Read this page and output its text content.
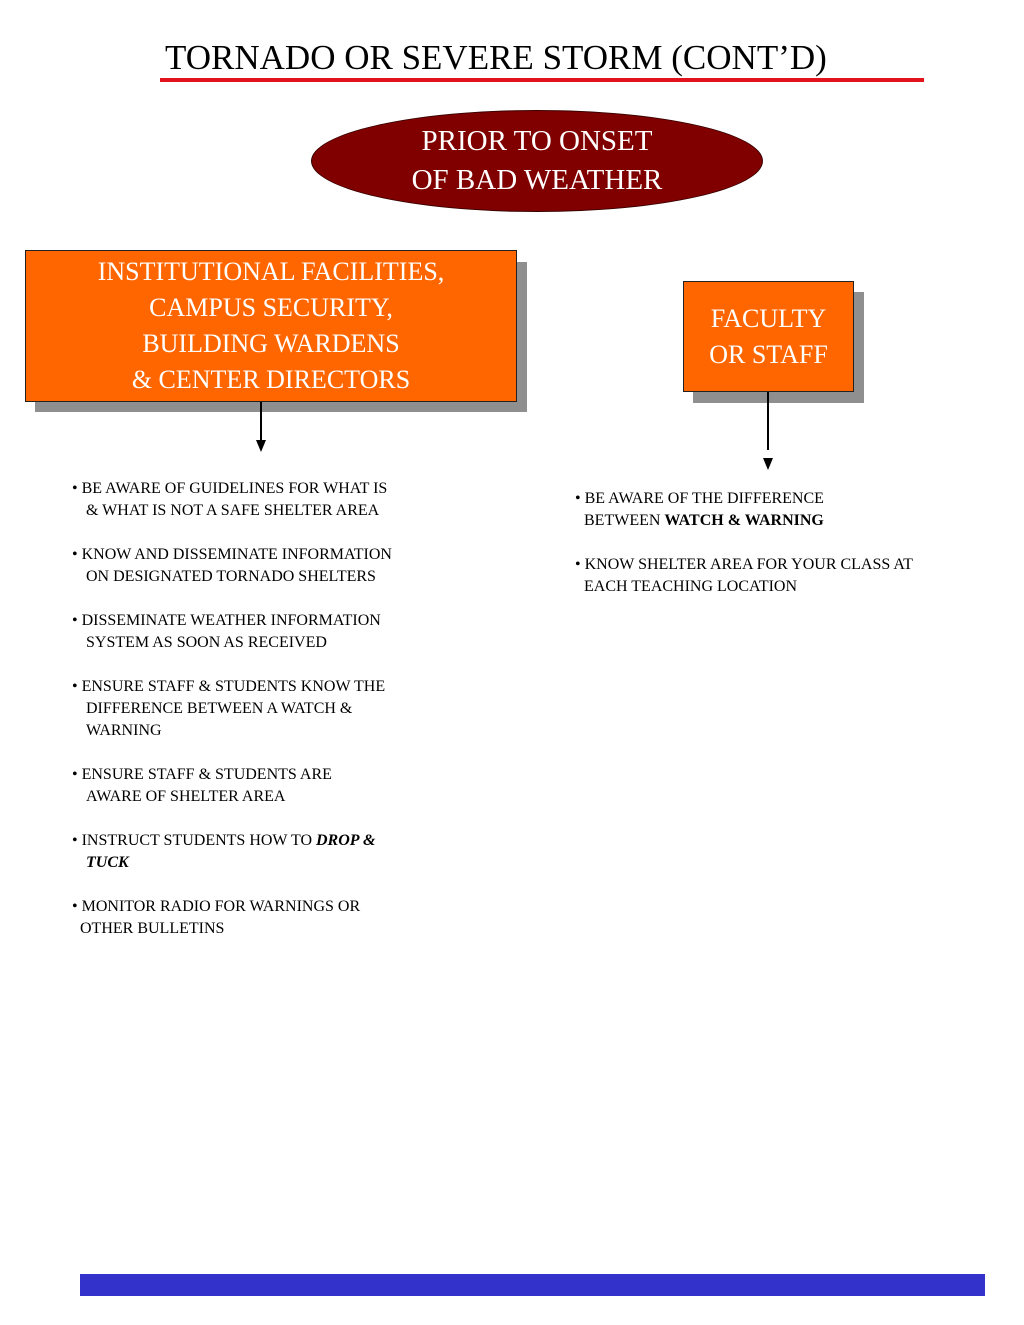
TORNADO OR SEVERE STORM (CONT’D)
PRIOR TO ONSET
OF BAD WEATHER
INSTITUTIONAL FACILITIES,
CAMPUS SECURITY,
BUILDING WARDENS
& CENTER DIRECTORS
FACULTY
OR STAFF
• BE AWARE OF GUIDELINES FOR WHAT IS
& WHAT IS NOT A SAFE SHELTER AREA
• KNOW AND DISSEMINATE INFORMATION
ON DESIGNATED TORNADO SHELTERS
• DISSEMINATE WEATHER INFORMATION
SYSTEM AS SOON AS RECEIVED
• ENSURE STAFF & STUDENTS KNOW THE
DIFFERENCE BETWEEN A WATCH &
WARNING
• ENSURE STAFF & STUDENTS ARE
AWARE OF SHELTER AREA
• INSTRUCT STUDENTS HOW TO DROP &
TUCK
• MONITOR RADIO FOR WARNINGS OR
OTHER BULLETINS
• BE AWARE OF THE DIFFERENCE
BETWEEN WATCH & WARNING
• KNOW SHELTER AREA FOR YOUR CLASS AT
EACH TEACHING LOCATION
